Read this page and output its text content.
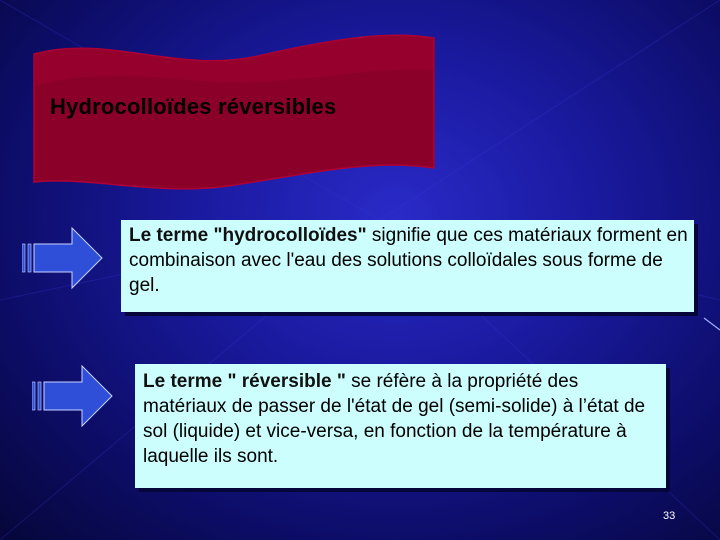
Hydrocolloïdes réversibles
Le terme "hydrocolloïdes" signifie que ces matériaux forment en combinaison avec l'eau des solutions colloïdales sous forme de gel.
Le terme " réversible " se réfère à la propriété des matériaux de passer de l'état de gel (semi-solide) à l’état de sol (liquide) et vice-versa, en fonction de la température à laquelle ils sont.
33
